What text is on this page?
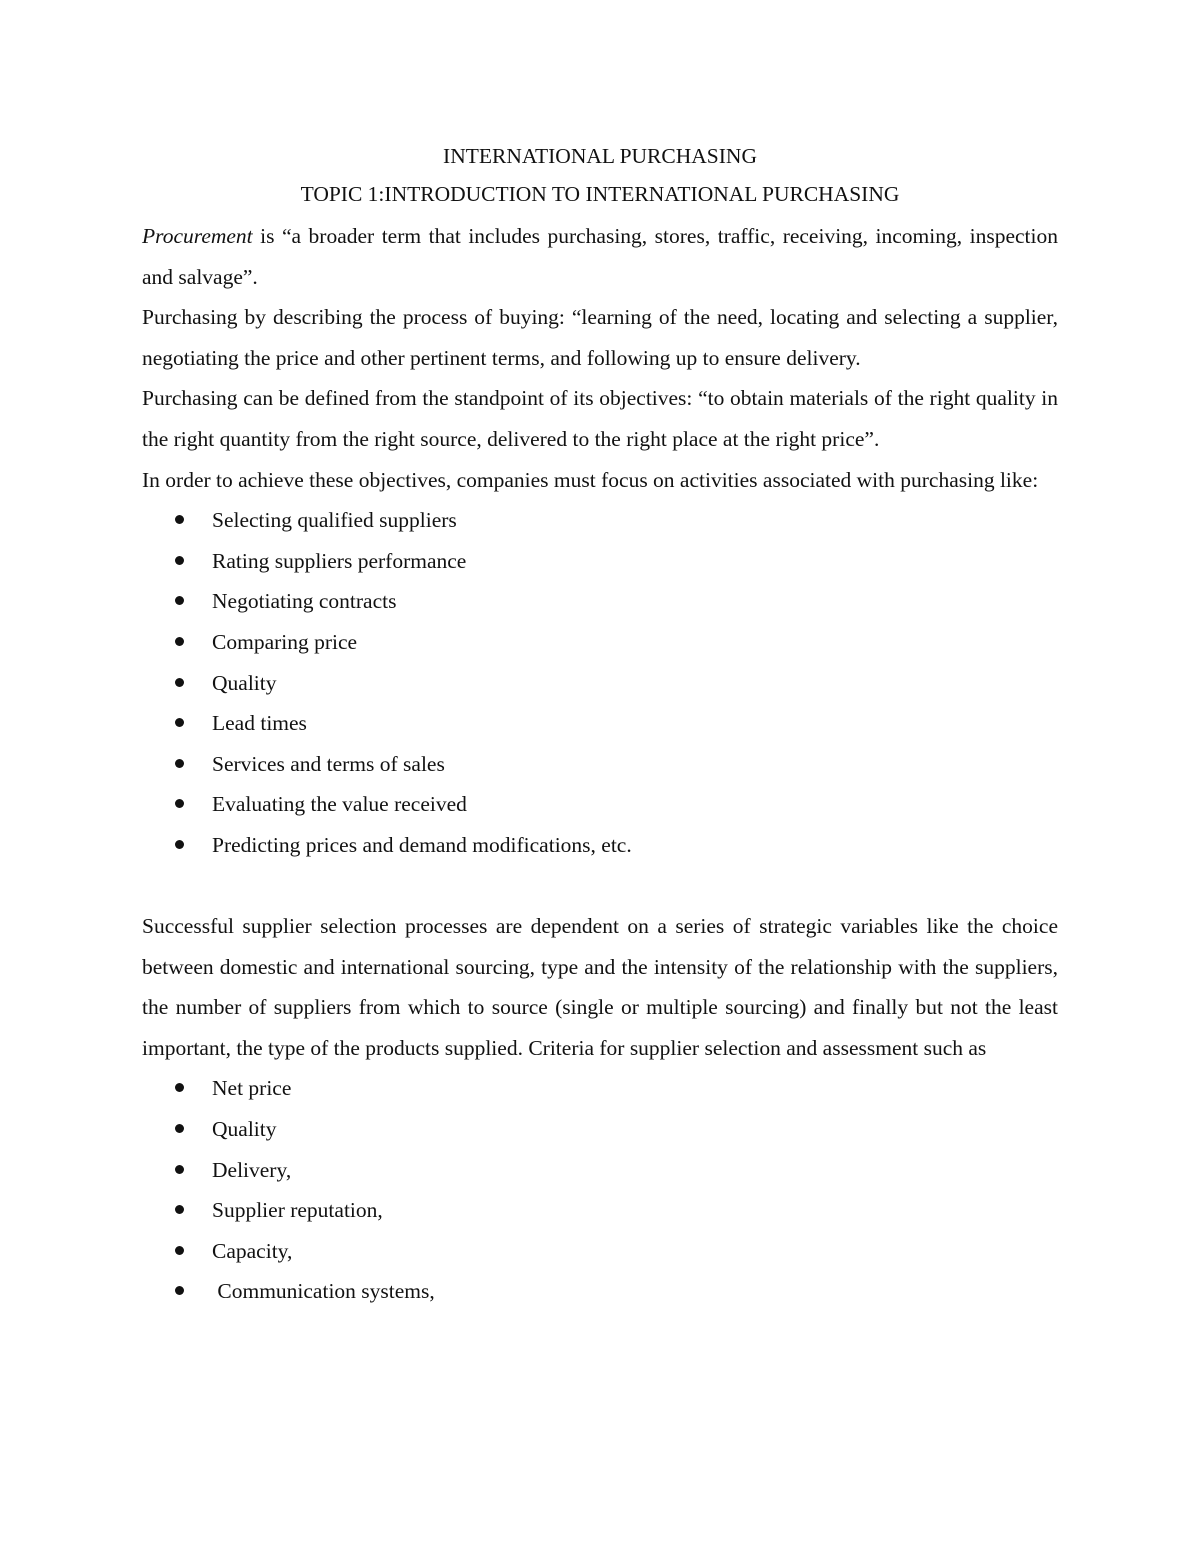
INTERNATIONAL PURCHASING
TOPIC 1:INTRODUCTION TO INTERNATIONAL PURCHASING

Procurement is “a broader term that includes purchasing, stores, traffic, receiving, incoming, inspection and salvage”.

Purchasing by describing the process of buying: “learning of the need, locating and selecting a supplier, negotiating the price and other pertinent terms, and following up to ensure delivery.

Purchasing can be defined from the standpoint of its objectives: “to obtain materials of the right quality in the right quantity from the right source, delivered to the right place at the right price”.

In order to achieve these objectives, companies must focus on activities associated with purchasing like:

Selecting qualified suppliers
Rating suppliers performance
Negotiating contracts
Comparing price
Quality
Lead times
Services and terms of sales
Evaluating the value received
Predicting prices and demand modifications, etc.

Successful supplier selection processes are dependent on a series of strategic variables like the choice between domestic and international sourcing, type and the intensity of the relationship with the suppliers, the number of suppliers from which to source (single or multiple sourcing) and finally but not the least important, the type of the products supplied. Criteria for supplier selection and assessment such as

Net price
Quality
Delivery,
Supplier reputation,
Capacity,
Communication systems,
